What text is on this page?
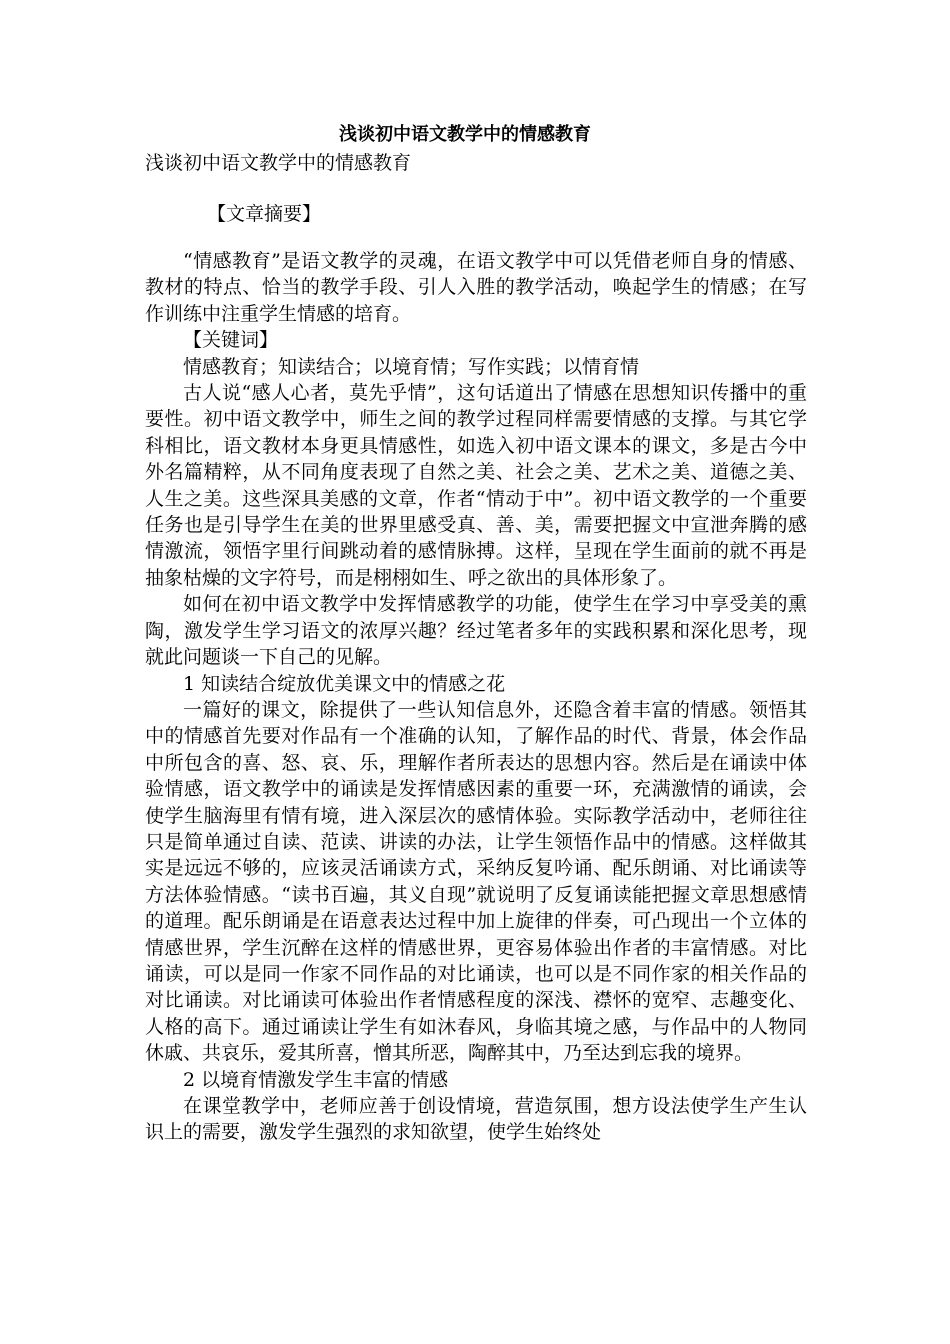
浅谈初中语文教学中的情感教育
浅谈初中语文教学中的情感教育
【文章摘要】

“情感教育”是语文教学的灵魂，在语文教学中可以凭借老师自身的情感、教材的特点、恰当的教学手段、引人入胜的教学活动，唤起学生的情感；在写作训练中注重学生情感的培育。

【关键词】

情感教育；知读结合；以境育情；写作实践；以情育情

古人说“感人心者，莫先乎情”，这句话道出了情感在思想知识传播中的重要性。初中语文教学中，师生之间的教学过程同样需要情感的支撑。与其它学科相比，语文教材本身更具情感性，如选入初中语文课本的课文，多是古今中外名篇精粹，从不同角度表现了自然之美、社会之美、艺术之美、道德之美、人生之美。这些深具美感的文章，作者“情动于中”。初中语文教学的一个重要任务也是引导学生在美的世界里感受真、善、美，需要把握文中宣泄奔腾的感情激流，领悟字里行间跳动着的感情脉搏。这样，呈现在学生面前的就不再是抽象枯燥的文字符号，而是栩栩如生、呼之欲出的具体形象了。

如何在初中语文教学中发挥情感教学的功能，使学生在学习中享受美的熏陶，激发学生学习语文的浓厚兴趣？经过笔者多年的实践积累和深化思考，现就此问题谈一下自己的见解。

1 知读结合绽放优美课文中的情感之花

一篇好的课文，除提供了一些认知信息外，还隐含着丰富的情感。领悟其中的情感首先要对作品有一个准确的认知，了解作品的时代、背景，体会作品中所包含的喜、怒、哀、乐，理解作者所表达的思想内容。然后是在诵读中体验情感，语文教学中的诵读是发挥情感因素的重要一环，充满激情的诵读，会使学生脑海里有情有境，进入深层次的感情体验。实际教学活动中，老师往往只是简单通过自读、范读、讲读的办法，让学生领悟作品中的情感。这样做其实是远远不够的，应该灵活诵读方式，采纳反复吟诵、配乐朗诵、对比诵读等方法体验情感。“读书百遍，其义自现”就说明了反复诵读能把握文章思想感情的道理。配乐朗诵是在语意表达过程中加上旋律的伴奏，可凸现出一个立体的情感世界，学生沉醉在这样的情感世界，更容易体验出作者的丰富情感。对比诵读，可以是同一作家不同作品的对比诵读，也可以是不同作家的相关作品的对比诵读。对比诵读可体验出作者情感程度的深浅、襟怀的宽窄、志趣变化、人格的高下。通过诵读让学生有如沐春风，身临其境之感，与作品中的人物同休戚、共哀乐，爱其所喜，憎其所恶，陶醉其中，乃至达到忘我的境界。

2 以境育情激发学生丰富的情感

在课堂教学中，老师应善于创设情境，营造氛围，想方设法使学生产生认识上的需要，激发学生强烈的求知欲望，使学生始终处
